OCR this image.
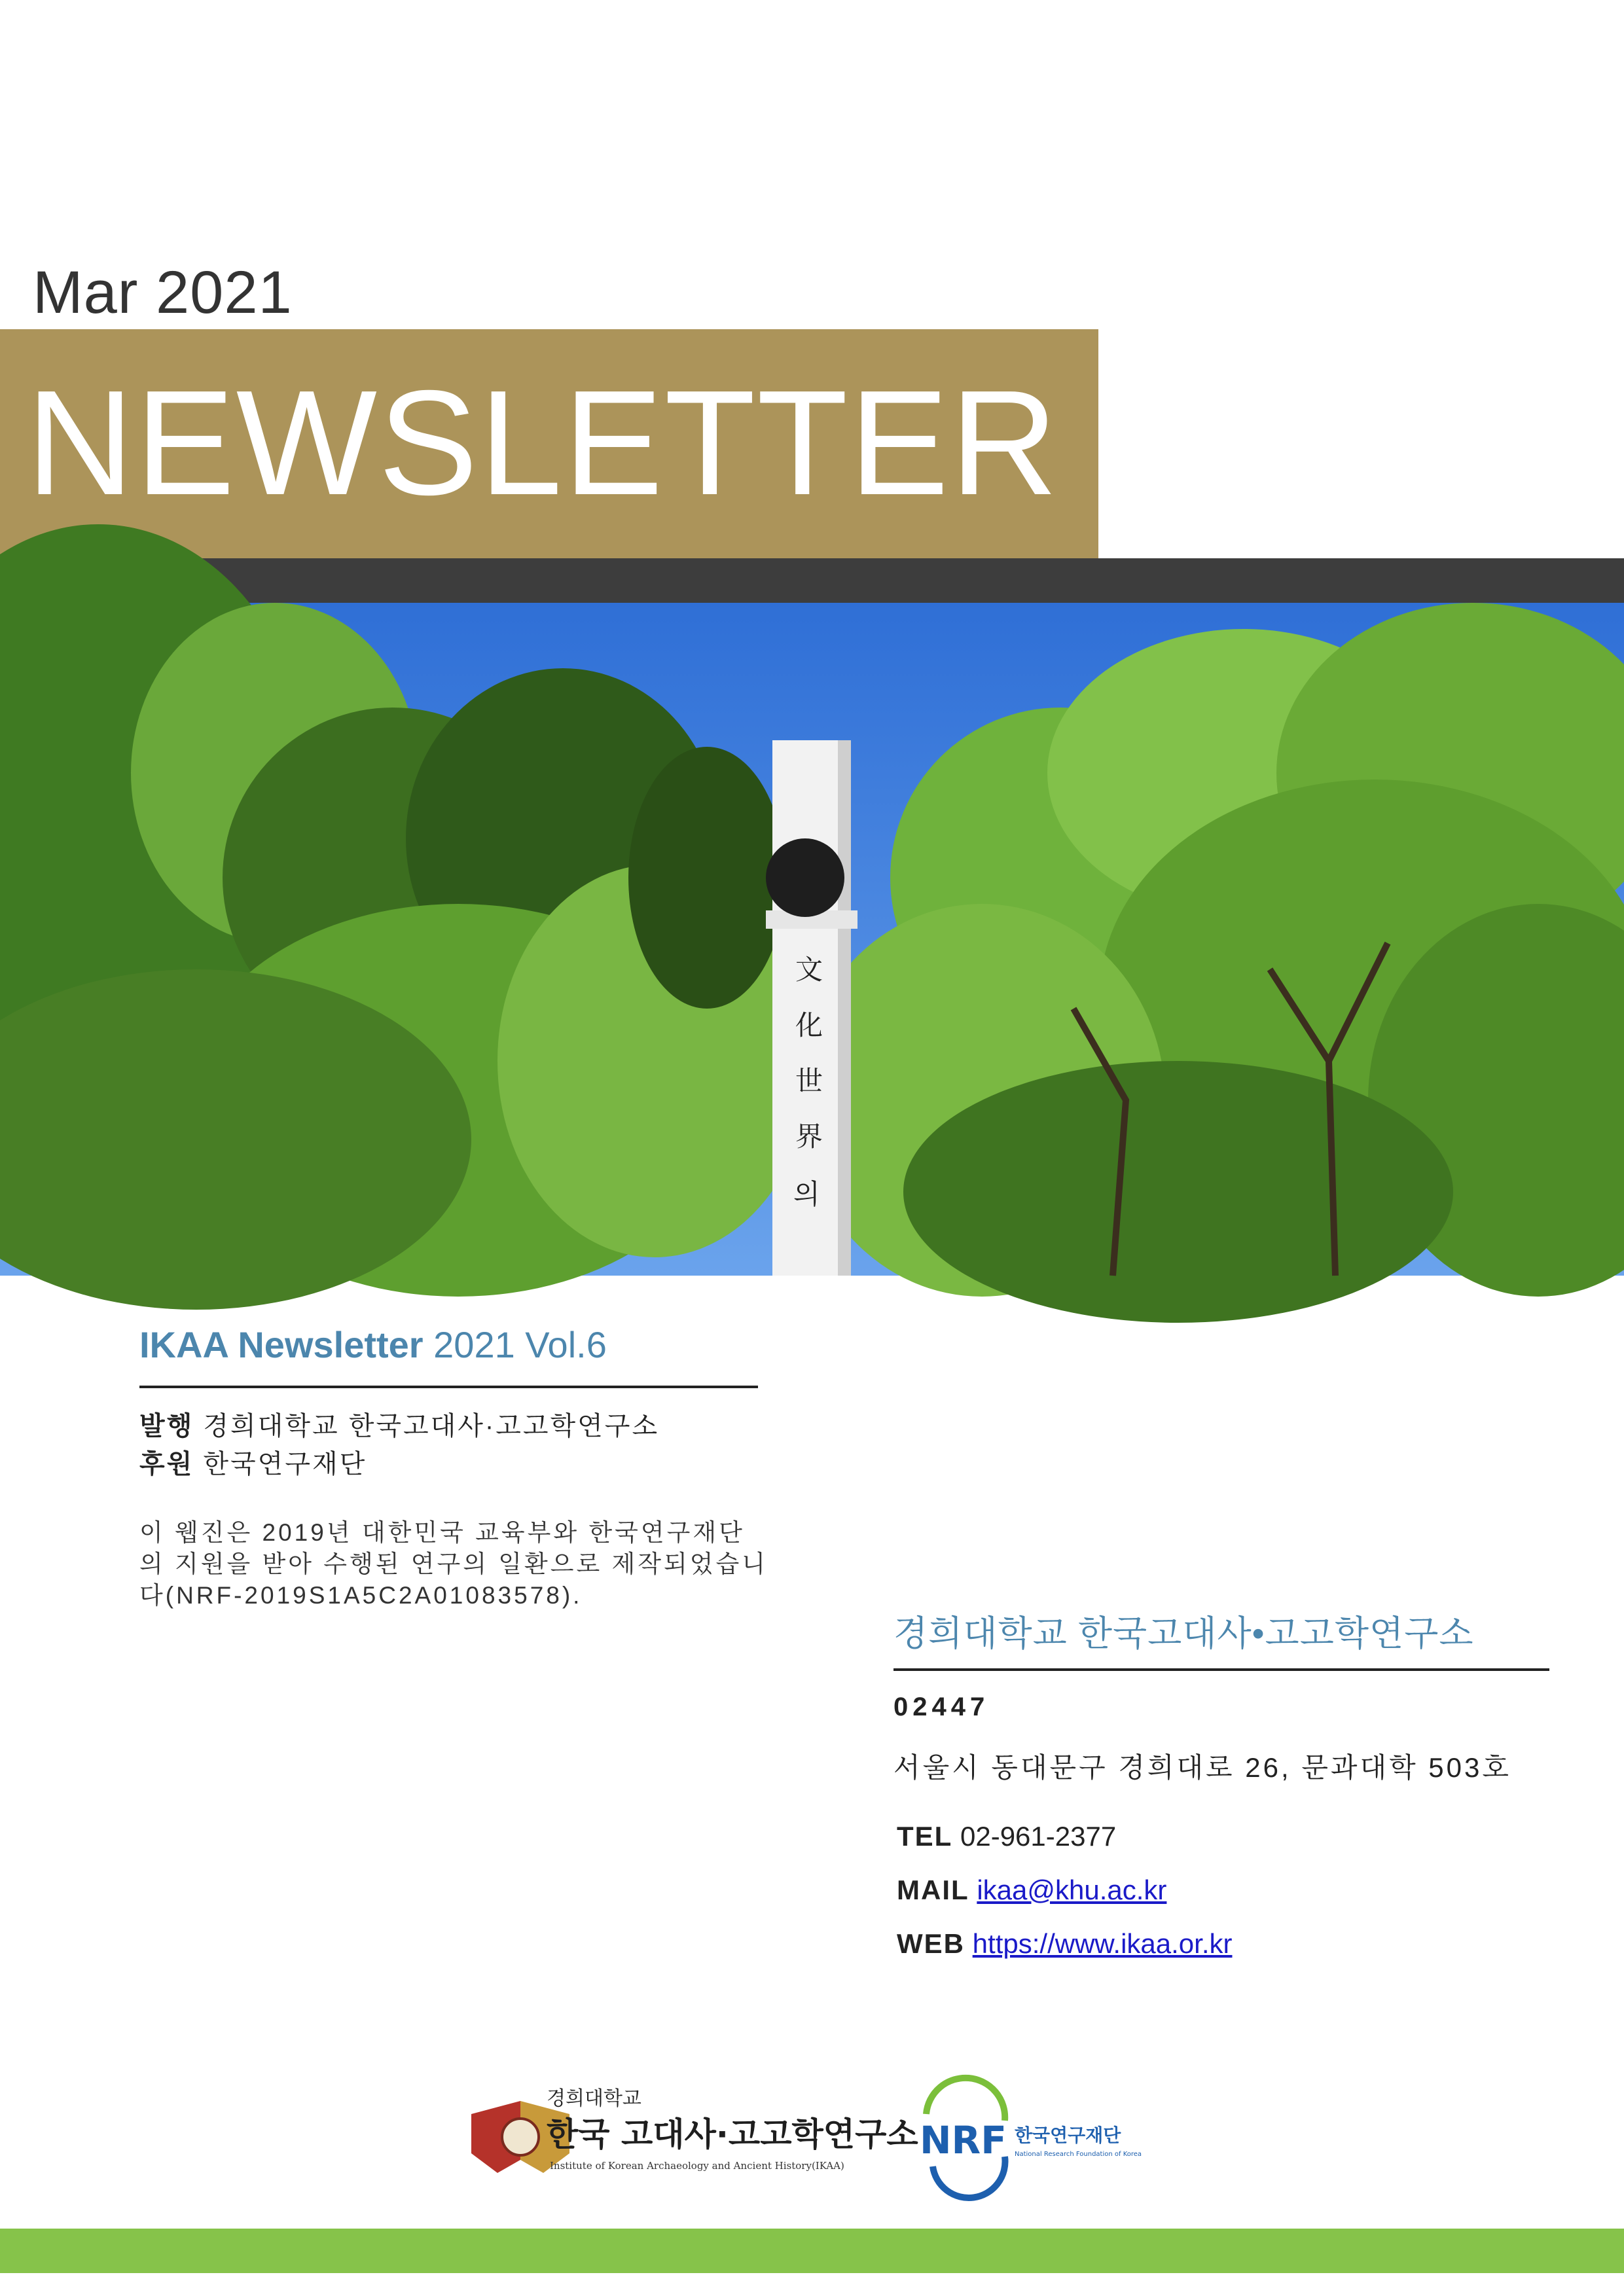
Mar 2021
NEWSLETTER
文
化
世
界
의
IKAA Newsletter 2021 Vol.6
발행 경희대학교 한국고대사·고고학연구소
후원 한국연구재단
이 웹진은 2019년 대한민국 교육부와 한국연구재단의 지원을 받아 수행된 연구의 일환으로 제작되었습니다(NRF-2019S1A5C2A01083578).
경희대학교 한국고대사•고고학연구소
02447
서울시 동대문구 경희대로 26, 문과대학 503호
TEL 02-961-2377
MAIL ikaa@khu.ac.kr
WEB https://www.ikaa.or.kr
경희대학교
한국 고대사·고고학연구소
Institute of Korean Archaeology and Ancient History(IKAA)
NRF 한국연구재단
National Research Foundation of Korea
